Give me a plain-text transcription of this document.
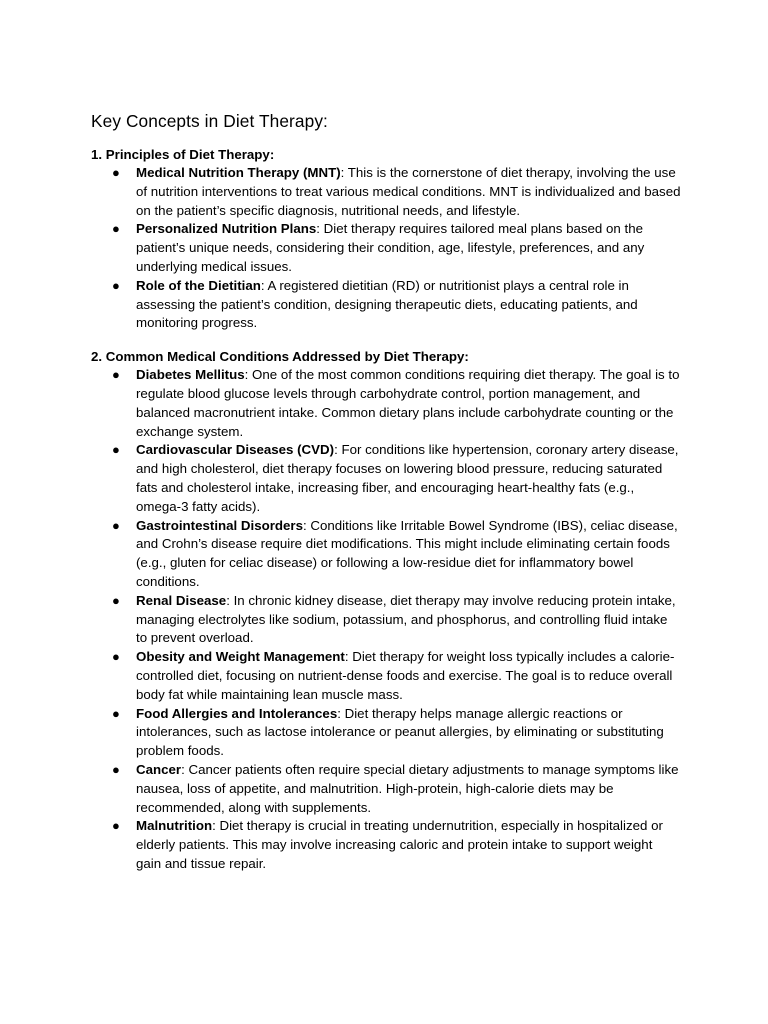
Key Concepts in Diet Therapy:
1. Principles of Diet Therapy:
● Medical Nutrition Therapy (MNT): This is the cornerstone of diet therapy, involving the use of nutrition interventions to treat various medical conditions. MNT is individualized and based on the patient’s specific diagnosis, nutritional needs, and lifestyle.
● Personalized Nutrition Plans: Diet therapy requires tailored meal plans based on the patient’s unique needs, considering their condition, age, lifestyle, preferences, and any underlying medical issues.
● Role of the Dietitian: A registered dietitian (RD) or nutritionist plays a central role in assessing the patient’s condition, designing therapeutic diets, educating patients, and monitoring progress.
2. Common Medical Conditions Addressed by Diet Therapy:
● Diabetes Mellitus: One of the most common conditions requiring diet therapy. The goal is to regulate blood glucose levels through carbohydrate control, portion management, and balanced macronutrient intake. Common dietary plans include carbohydrate counting or the exchange system.
● Cardiovascular Diseases (CVD): For conditions like hypertension, coronary artery disease, and high cholesterol, diet therapy focuses on lowering blood pressure, reducing saturated fats and cholesterol intake, increasing fiber, and encouraging heart-healthy fats (e.g., omega-3 fatty acids).
● Gastrointestinal Disorders: Conditions like Irritable Bowel Syndrome (IBS), celiac disease, and Crohn’s disease require diet modifications. This might include eliminating certain foods (e.g., gluten for celiac disease) or following a low-residue diet for inflammatory bowel conditions.
● Renal Disease: In chronic kidney disease, diet therapy may involve reducing protein intake, managing electrolytes like sodium, potassium, and phosphorus, and controlling fluid intake to prevent overload.
● Obesity and Weight Management: Diet therapy for weight loss typically includes a calorie-controlled diet, focusing on nutrient-dense foods and exercise. The goal is to reduce overall body fat while maintaining lean muscle mass.
● Food Allergies and Intolerances: Diet therapy helps manage allergic reactions or intolerances, such as lactose intolerance or peanut allergies, by eliminating or substituting problem foods.
● Cancer: Cancer patients often require special dietary adjustments to manage symptoms like nausea, loss of appetite, and malnutrition. High-protein, high-calorie diets may be recommended, along with supplements.
● Malnutrition: Diet therapy is crucial in treating undernutrition, especially in hospitalized or elderly patients. This may involve increasing caloric and protein intake to support weight gain and tissue repair.
